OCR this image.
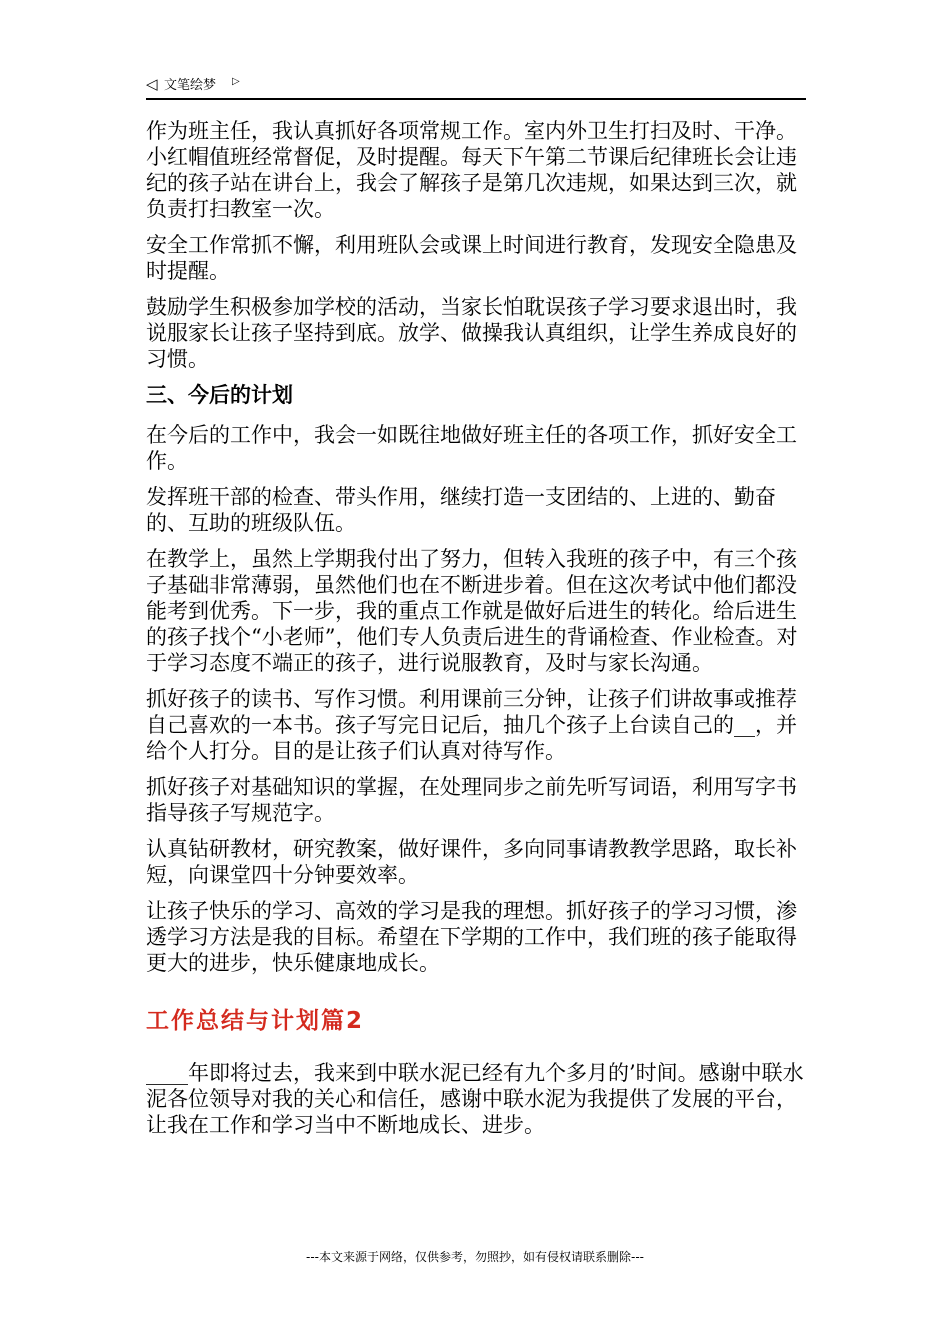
◁ 文笔绘梦 ▷

作为班主任，我认真抓好各项常规工作。室内外卫生打扫及时、干净。小红帽值班经常督促，及时提醒。每天下午第二节课后纪律班长会让违纪的孩子站在讲台上，我会了解孩子是第几次违规，如果达到三次，就负责打扫教室一次。

安全工作常抓不懈，利用班队会或课上时间进行教育，发现安全隐患及时提醒。

鼓励学生积极参加学校的活动，当家长怕耽误孩子学习要求退出时，我说服家长让孩子坚持到底。放学、做操我认真组织，让学生养成良好的习惯。

三、今后的计划

在今后的工作中，我会一如既往地做好班主任的各项工作，抓好安全工作。

发挥班干部的检查、带头作用，继续打造一支团结的、上进的、勤奋的、互助的班级队伍。

在教学上，虽然上学期我付出了努力，但转入我班的孩子中，有三个孩子基础非常薄弱，虽然他们也在不断进步着。但在这次考试中他们都没能考到优秀。下一步，我的重点工作就是做好后进生的转化。给后进生的孩子找个“小老师”，他们专人负责后进生的背诵检查、作业检查。对于学习态度不端正的孩子，进行说服教育，及时与家长沟通。

抓好孩子的读书、写作习惯。利用课前三分钟，让孩子们讲故事或推荐自己喜欢的一本书。孩子写完日记后，抽几个孩子上台读自己的__，并给个人打分。目的是让孩子们认真对待写作。

抓好孩子对基础知识的掌握，在处理同步之前先听写词语，利用写字书指导孩子写规范字。

认真钻研教材，研究教案，做好课件，多向同事请教教学思路，取长补短，向课堂四十分钟要效率。

让孩子快乐的学习、高效的学习是我的理想。抓好孩子的学习习惯，渗透学习方法是我的目标。希望在下学期的工作中，我们班的孩子能取得更大的进步，快乐健康地成长。

工作总结与计划篇2

____年即将过去，我来到中联水泥已经有九个多月的’时间。感谢中联水泥各位领导对我的关心和信任，感谢中联水泥为我提供了发展的平台，让我在工作和学习当中不断地成长、进步。

---本文来源于网络，仅供参考，勿照抄，如有侵权请联系删除---
